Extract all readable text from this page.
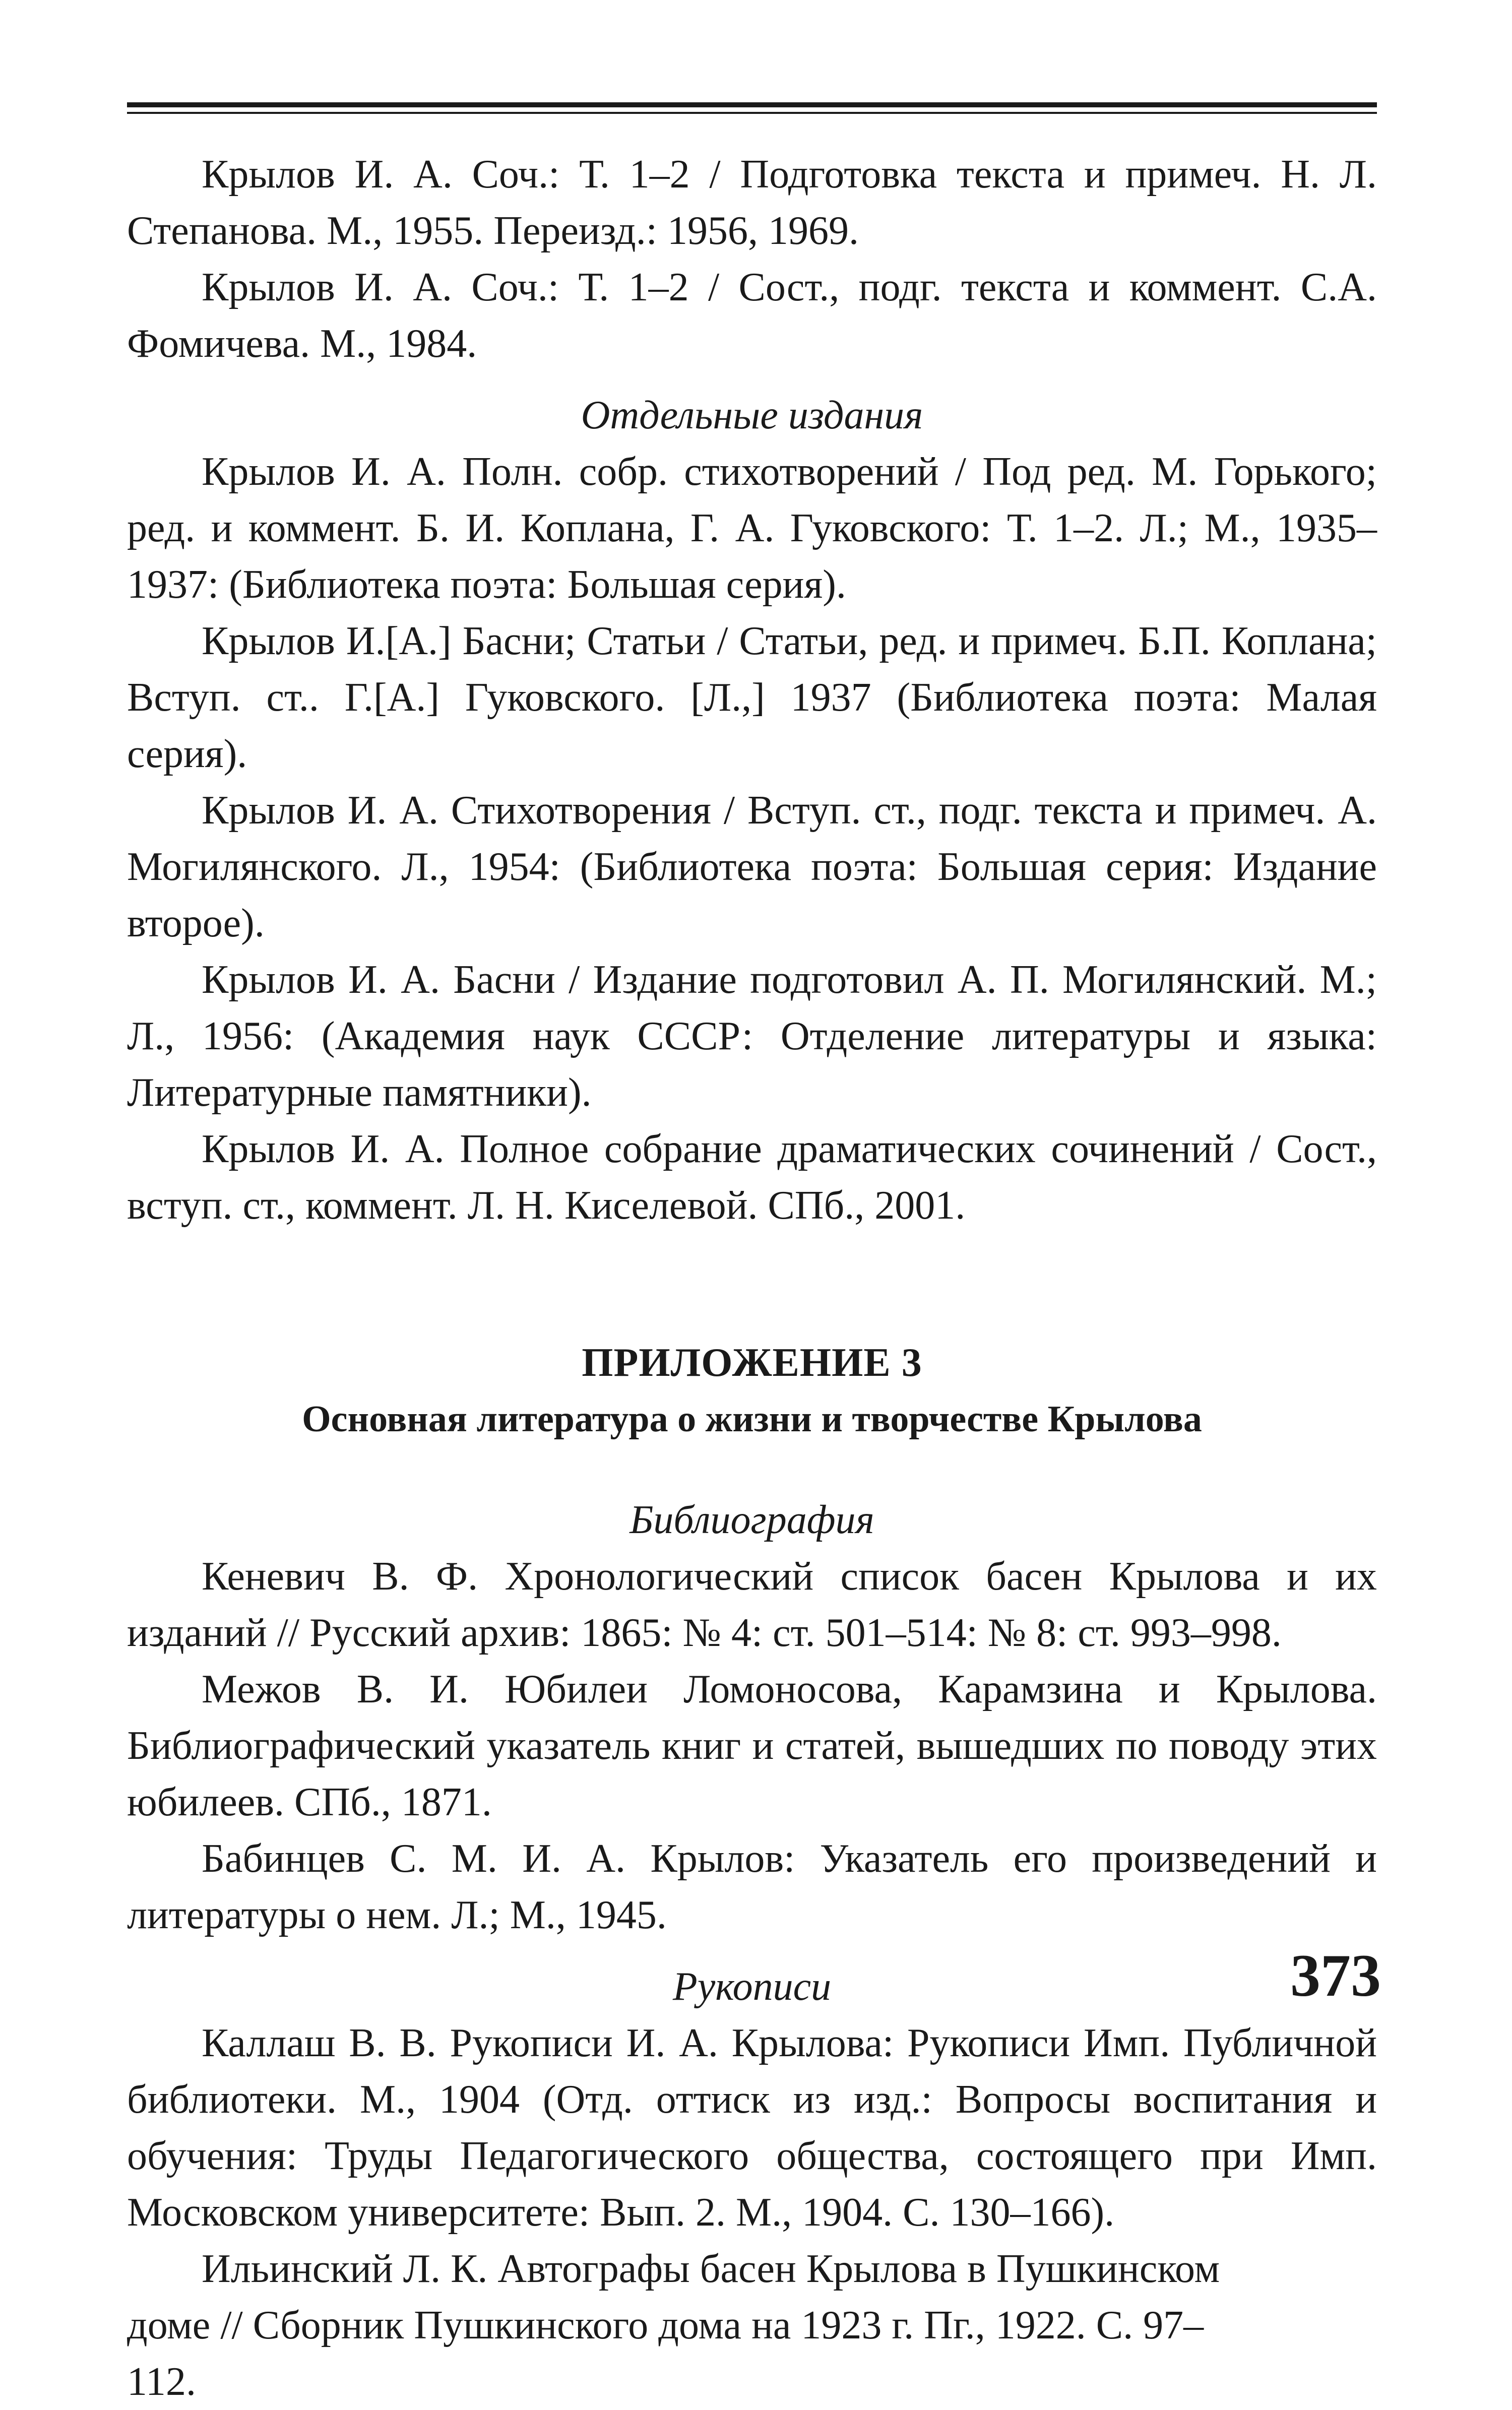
Крылов И. А. Соч.: Т. 1–2 / Подготовка текста и примеч. Н. Л. Степанова. М., 1955. Переизд.: 1956, 1969.

Крылов И. А. Соч.: Т. 1–2 / Сост., подг. текста и коммент. С.А. Фомичева. М., 1984.

Отдельные издания

Крылов И. А. Полн. собр. стихотворений / Под ред. М. Горького; ред. и коммент. Б. И. Коплана, Г. А. Гуковского: Т. 1–2. Л.; М., 1935–1937: (Библиотека поэта: Большая серия).

Крылов И.[А.] Басни; Статьи / Статьи, ред. и примеч. Б.П. Коплана; Вступ. ст.. Г.[А.] Гуковского. [Л.,] 1937 (Библиотека поэта: Малая серия).

Крылов И. А. Стихотворения / Вступ. ст., подг. текста и примеч. А. Могилянского. Л., 1954: (Библиотека поэта: Большая серия: Издание второе).

Крылов И. А. Басни / Издание подготовил А. П. Могилянский. М.; Л., 1956: (Академия наук СССР: Отделение литературы и языка: Литературные памятники).

Крылов И. А. Полное собрание драматических сочинений / Сост., вступ. ст., коммент. Л. Н. Киселевой. СПб., 2001.

ПРИЛОЖЕНИЕ 3

Основная литература о жизни и творчестве Крылова

Библиография

Кеневич В. Ф. Хронологический список басен Крылова и их изданий // Русский архив: 1865: № 4: ст. 501–514: № 8: ст. 993–998.

Межов В. И. Юбилеи Ломоносова, Карамзина и Крылова. Библиографический указатель книг и статей, вышедших по поводу этих юбилеев. СПб., 1871.

Бабинцев С. М. И. А. Крылов: Указатель его произведений и литературы о нем. Л.; М., 1945.

Рукописи

Каллаш В. В. Рукописи И. А. Крылова: Рукописи Имп. Публичной библиотеки. М., 1904 (Отд. оттиск из изд.: Вопросы воспитания и обучения: Труды Педагогического общества, состоящего при Имп. Московском университете: Вып. 2. М., 1904. С. 130–166).

Ильинский Л. К. Автографы басен Крылова в Пушкинском доме // Сборник Пушкинского дома на 1923 г. Пг., 1922. С. 97–112.

373
